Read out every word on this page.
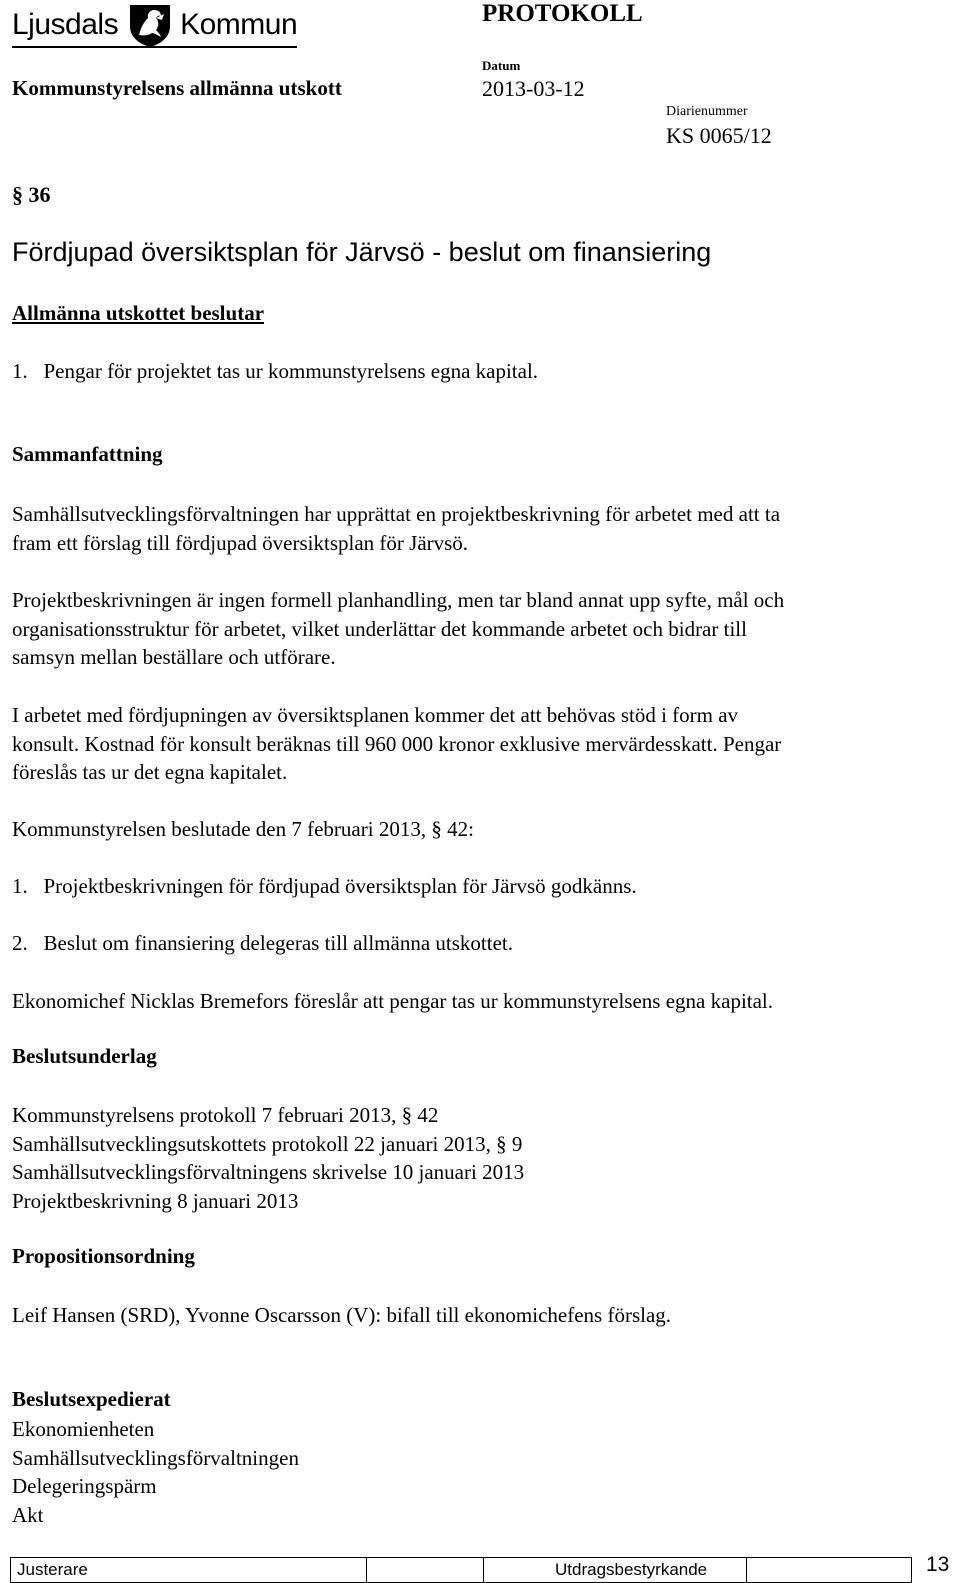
Ljusdals Kommun	PROTOKOLL
Kommunstyrelsens allmänna utskott
Datum
2013-03-12
Diarienummer
KS 0065/12
§ 36
Fördjupad översiktsplan för Järvsö - beslut om finansiering
Allmänna utskottet beslutar
1.   Pengar för projektet tas ur kommunstyrelsens egna kapital.
Sammanfattning
Samhällsutvecklingsförvaltningen har upprättat en projektbeskrivning för arbetet med att ta
fram ett förslag till fördjupad översiktsplan för Järvsö.
Projektbeskrivningen är ingen formell planhandling, men tar bland annat upp syfte, mål och
organisationsstruktur för arbetet, vilket underlättar det kommande arbetet och bidrar till
samsyn mellan beställare och utförare.
I arbetet med fördjupningen av översiktsplanen kommer det att behövas stöd i form av
konsult. Kostnad för konsult beräknas till 960 000 kronor exklusive mervärdesskatt. Pengar
föreslås tas ur det egna kapitalet.
Kommunstyrelsen beslutade den 7 februari 2013, § 42:
1.   Projektbeskrivningen för fördjupad översiktsplan för Järvsö godkänns.
2.   Beslut om finansiering delegeras till allmänna utskottet.
Ekonomichef Nicklas Bremefors föreslår att pengar tas ur kommunstyrelsens egna kapital.
Beslutsunderlag
Kommunstyrelsens protokoll 7 februari 2013, § 42
Samhällsutvecklingsutskottets protokoll 22 januari 2013, § 9
Samhällsutvecklingsförvaltningens skrivelse 10 januari 2013
Projektbeskrivning 8 januari 2013
Propositionsordning
Leif Hansen (SRD), Yvonne Oscarsson (V): bifall till ekonomichefens förslag.
Beslutsexpedierat
Ekonomienheten
Samhällsutvecklingsförvaltningen
Delegeringspärm
Akt
Justerare	Utdragsbestyrkande	13
